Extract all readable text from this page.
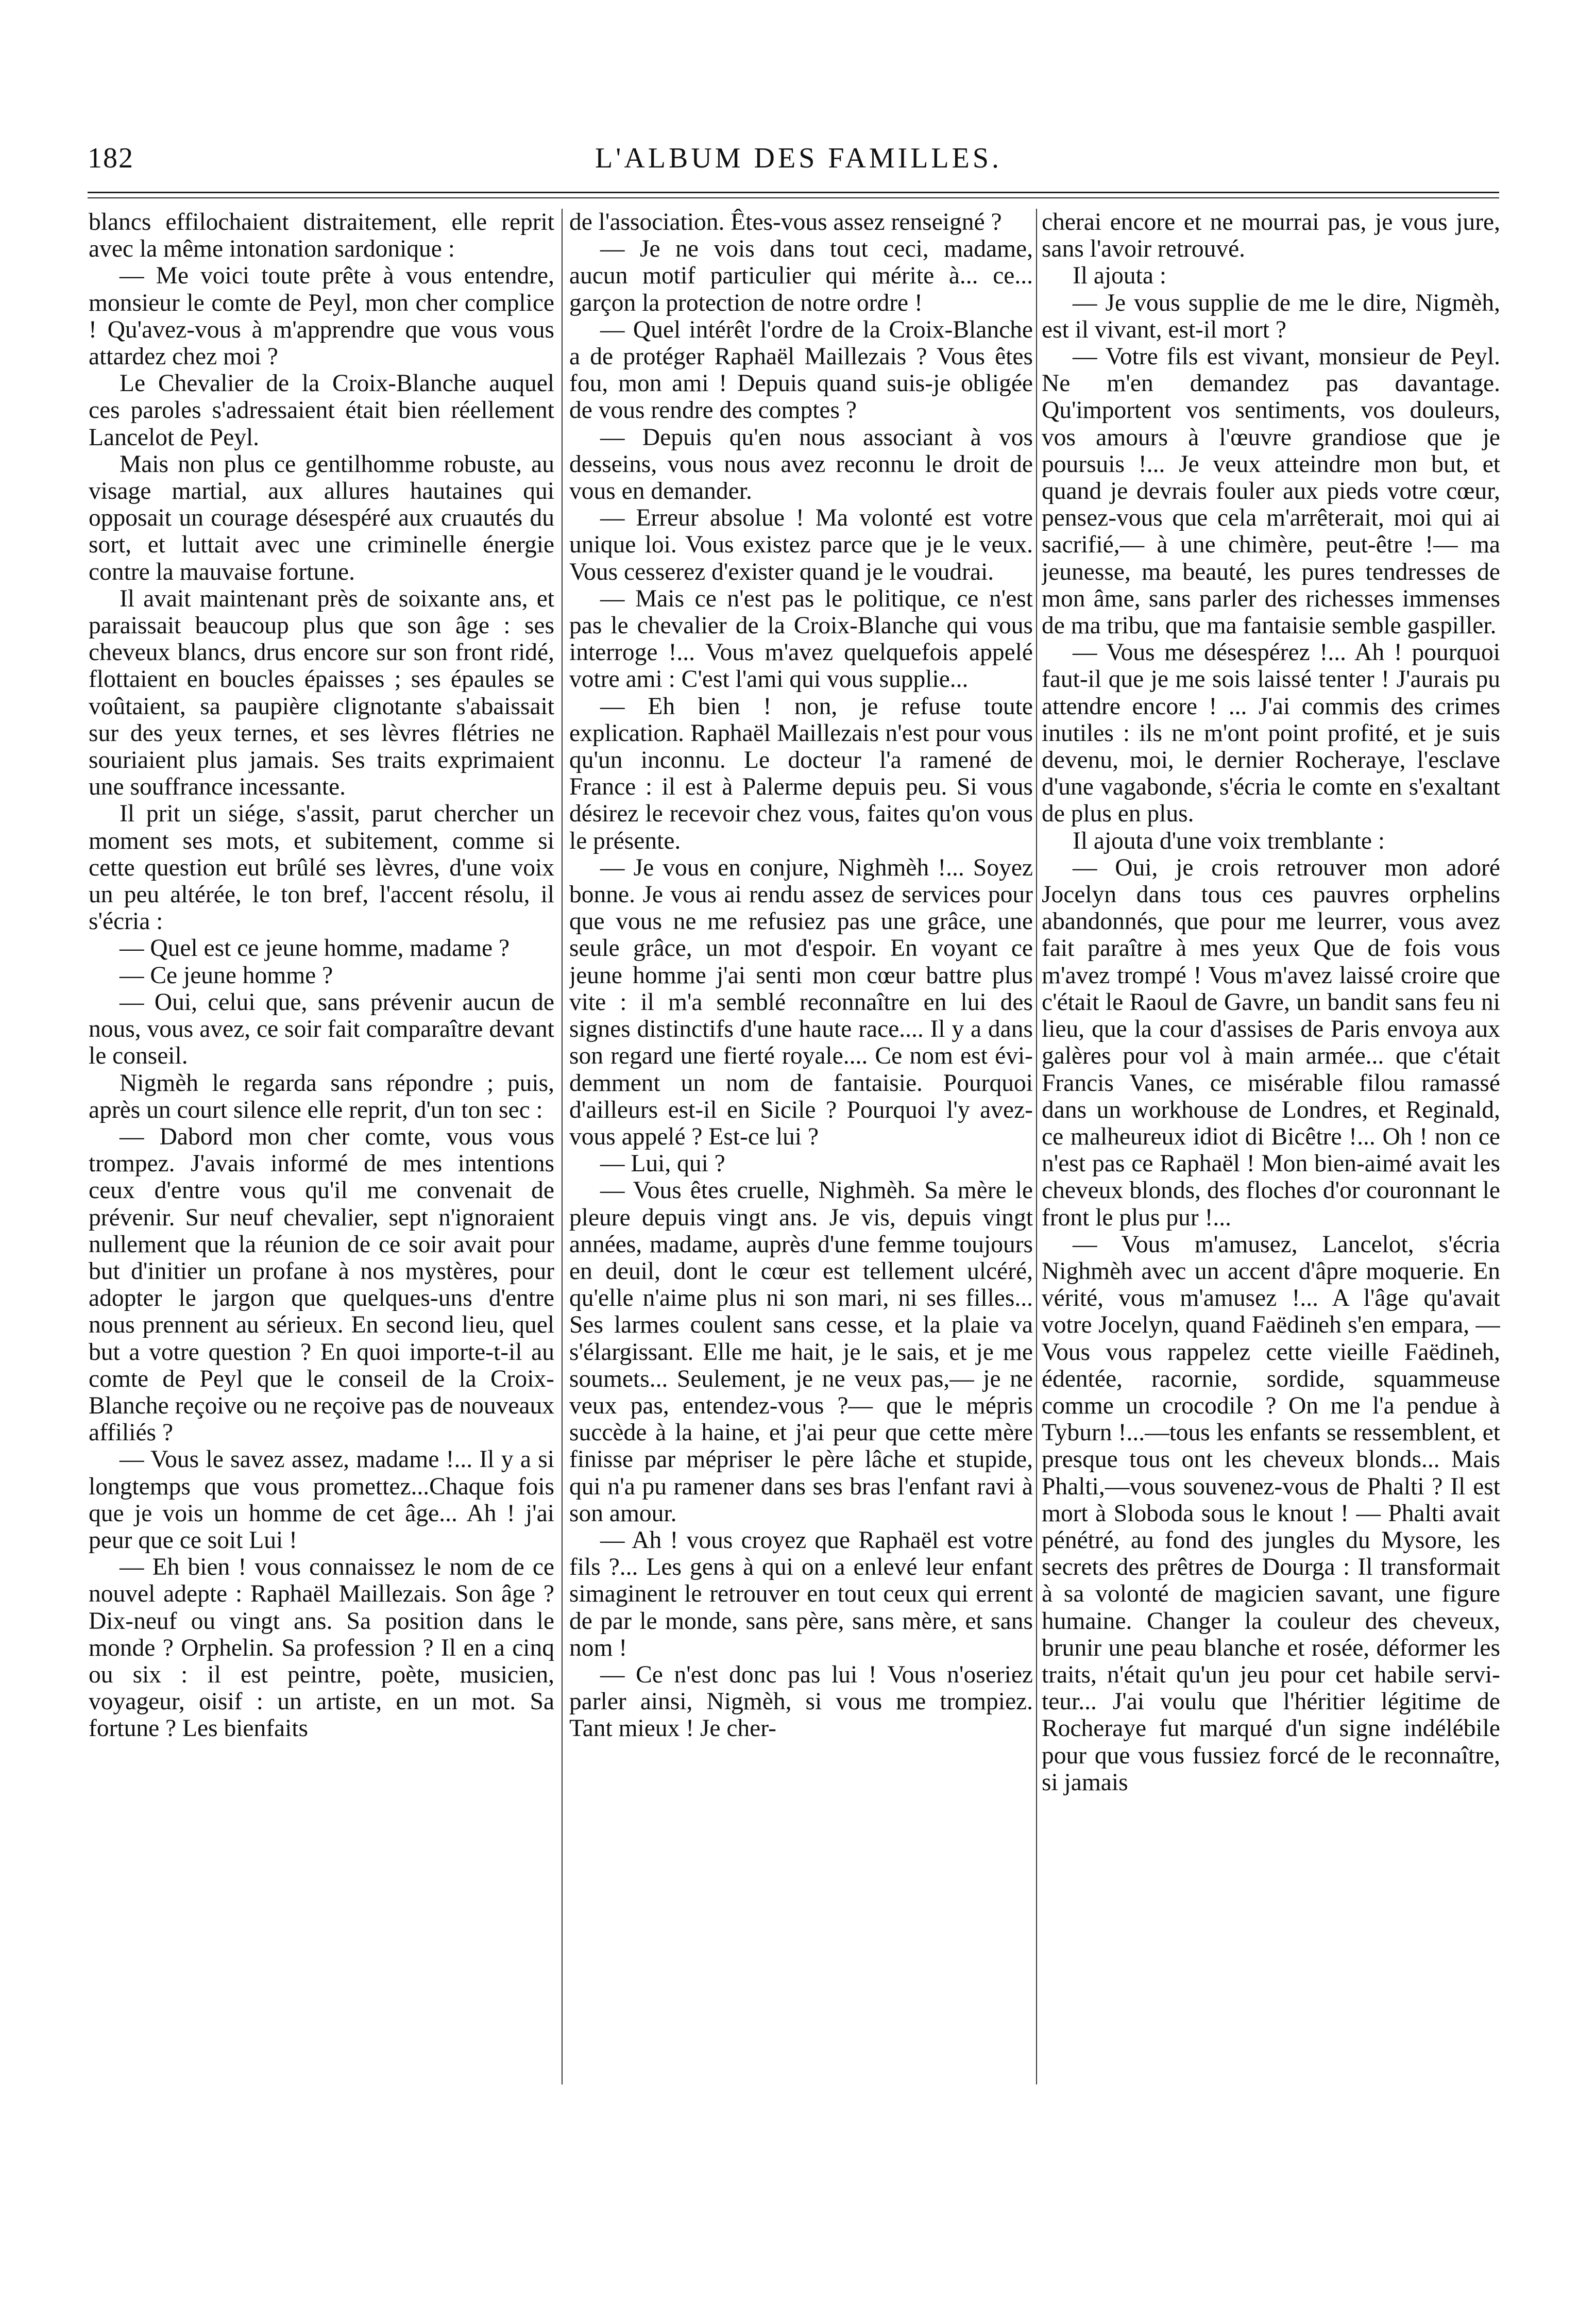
182	L'ALBUM DES FAMILLES.

blancs effilochaient distraitement, elle reprit avec la même intonation sardonique :

— Me voici toute prête à vous entendre, monsieur le comte de Peyl, mon cher complice ! Qu'avez-vous à m'apprendre que vous vous attardez chez moi ?

Le Chevalier de la Croix-Blanche auquel ces paroles s'adressaient était bien réellement Lancelot de Peyl.

Mais non plus ce gentilhomme robuste, au visage martial, aux allures hautaines qui opposait un courage désespéré aux cruautés du sort, et luttait avec une criminelle énergie contre la mauvaise fortune.

Il avait maintenant près de soixante ans, et paraissait beaucoup plus que son âge : ses cheveux blancs, drus encore sur son front ridé, flottaient en boucles épaisses ; ses épaules se voûtaient, sa paupière clignotante s'abaissait sur des yeux ternes, et ses lèvres flétries ne souriaient plus jamais. Ses traits exprimaient une souffrance incessante.

Il prit un siége, s'assit, parut chercher un moment ses mots, et subitement, comme si cette question eut brûlé ses lèvres, d'une voix un peu altérée, le ton bref, l'accent résolu, il s'écria :

— Quel est ce jeune homme, madame ?

— Ce jeune homme ?

— Oui, celui que, sans prévenir aucun de nous, vous avez, ce soir fait comparaître devant le conseil.

Nigmèh le regarda sans répondre ; puis, après un court silence elle reprit, d'un ton sec :

— Dabord mon cher comte, vous vous trompez. J'avais informé de mes intentions ceux d'entre vous qu'il me convenait de prévenir. Sur neuf chevalier, sept n'ignoraient nullement que la réunion de ce soir avait pour but d'initier un profane à nos mystères, pour adopter le jargon que quelques-uns d'entre nous prennent au sérieux. En second lieu, quel but a votre question ? En quoi importe-t-il au comte de Peyl que le conseil de la Croix-Blanche reçoive ou ne reçoive pas de nouveaux affiliés ?

— Vous le savez assez, madame !... Il y a si longtemps que vous promettez...Chaque fois que je vois un homme de cet âge... Ah ! j'ai peur que ce soit Lui !

— Eh bien ! vous connaissez le nom de ce nouvel adepte : Raphaël Maillezais. Son âge ? Dix-neuf ou vingt ans. Sa position dans le monde ? Orphelin. Sa profession ? Il en a cinq ou six : il est peintre, poète, musicien, voyageur, oisif : un artiste, en un mot. Sa fortune ? Les bienfaits

de l'association. Êtes-vous assez renseigné ?

— Je ne vois dans tout ceci, madame, aucun motif particulier qui mérite à... ce... garçon la protection de notre ordre !

— Quel intérêt l'ordre de la Croix-Blanche a de protéger Raphaël Maillezais ? Vous êtes fou, mon ami ! Depuis quand suis-je obligée de vous rendre des comptes ?

— Depuis qu'en nous associant à vos desseins, vous nous avez reconnu le droit de vous en demander.

— Erreur absolue ! Ma volonté est votre unique loi. Vous existez parce que je le veux. Vous cesserez d'exister quand je le voudrai.

— Mais ce n'est pas le politique, ce n'est pas le chevalier de la Croix-Blanche qui vous interroge !... Vous m'avez quelquefois appelé votre ami : C'est l'ami qui vous supplie...

— Eh bien ! non, je refuse toute explication. Raphaël Maillezais n'est pour vous qu'un inconnu. Le docteur l'a ramené de France : il est à Palerme depuis peu. Si vous désirez le recevoir chez vous, faites qu'on vous le présente.

— Je vous en conjure, Nighmèh !... Soyez bonne. Je vous ai rendu assez de services pour que vous ne me refusiez pas une grâce, une seule grâce, un mot d'espoir. En voyant ce jeune homme j'ai senti mon cœur battre plus vite : il m'a semblé reconnaître en lui des signes distinctifs d'une haute race.... Il y a dans son regard une fierté royale.... Ce nom est évidemment un nom de fantaisie. Pourquoi d'ailleurs est-il en Sicile ? Pourquoi l'y avez-vous appelé ? Est-ce lui ?

— Lui, qui ?

— Vous êtes cruelle, Nighmèh. Sa mère le pleure depuis vingt ans. Je vis, depuis vingt années, madame, auprès d'une femme toujours en deuil, dont le cœur est tellement ulcéré, qu'elle n'aime plus ni son mari, ni ses filles... Ses larmes coulent sans cesse, et la plaie va s'élargissant. Elle me hait, je le sais, et je me soumets... Seulement, je ne veux pas,— je ne veux pas, entendez-vous ?— que le mépris succède à la haine, et j'ai peur que cette mère finisse par mépriser le père lâche et stupide, qui n'a pu ramener dans ses bras l'enfant ravi à son amour.

— Ah ! vous croyez que Raphaël est votre fils ?... Les gens à qui on a enlevé leur enfant simaginent le retrouver en tout ceux qui errent de par le monde, sans père, sans mère, et sans nom !

— Ce n'est donc pas lui ! Vous n'oseriez parler ainsi, Nigmèh, si vous me trompiez. Tant mieux ! Je cher-

cherai encore et ne mourrai pas, je vous jure, sans l'avoir retrouvé.

Il ajouta :

— Je vous supplie de me le dire, Nigmèh, est il vivant, est-il mort ?

— Votre fils est vivant, monsieur de Peyl. Ne m'en demandez pas davantage. Qu'importent vos sentiments, vos douleurs, vos amours à l'œuvre grandiose que je poursuis !... Je veux atteindre mon but, et quand je devrais fouler aux pieds votre cœur, pensez-vous que cela m'arrêterait, moi qui ai sacrifié,— à une chimère, peut-être !— ma jeunesse, ma beauté, les pures tendresses de mon âme, sans parler des richesses immenses de ma tribu, que ma fantaisie semble gaspiller.

— Vous me désespérez !... Ah ! pourquoi faut-il que je me sois laissé tenter ! J'aurais pu attendre encore ! ... J'ai commis des crimes inutiles : ils ne m'ont point profité, et je suis devenu, moi, le dernier Rocheraye, l'esclave d'une vagabonde, s'écria le comte en s'exaltant de plus en plus.

Il ajouta d'une voix tremblante :

— Oui, je crois retrouver mon adoré Jocelyn dans tous ces pauvres orphelins abandonnés, que pour me leurrer, vous avez fait paraître à mes yeux Que de fois vous m'avez trompé ! Vous m'avez laissé croire que c'était le Raoul de Gavre, un bandit sans feu ni lieu, que la cour d'assises de Paris envoya aux galères pour vol à main armée... que c'était Francis Vanes, ce misérable filou ramassé dans un workhouse de Londres, et Reginald, ce malheureux idiot di Bicêtre !... Oh ! non ce n'est pas ce Raphaël ! Mon bien-aimé avait les cheveux blonds, des floches d'or couronnant le front le plus pur !...

— Vous m'amusez, Lancelot, s'écria Nighmèh avec un accent d'âpre moquerie. En vérité, vous m'amusez !... A l'âge qu'avait votre Jocelyn, quand Faëdineh s'en empara, — Vous vous rappelez cette vieille Faëdineh, édentée, racornie, sordide, squammeuse comme un crocodile ? On me l'a pendue à Tyburn !...—tous les enfants se ressemblent, et presque tous ont les cheveux blonds... Mais Phalti,—vous souvenez-vous de Phalti ? Il est mort à Sloboda sous le knout ! — Phalti avait pénétré, au fond des jungles du Mysore, les secrets des prêtres de Dourga : Il transformait à sa volonté de magicien savant, une figure humaine. Changer la couleur des cheveux, brunir une peau blanche et rosée, déformer les traits, n'était qu'un jeu pour cet habile serviteur... J'ai voulu que l'héritier légitime de Rocheraye fut marqué d'un signe indélébile pour que vous fussiez forcé de le reconnaître, si jamais
